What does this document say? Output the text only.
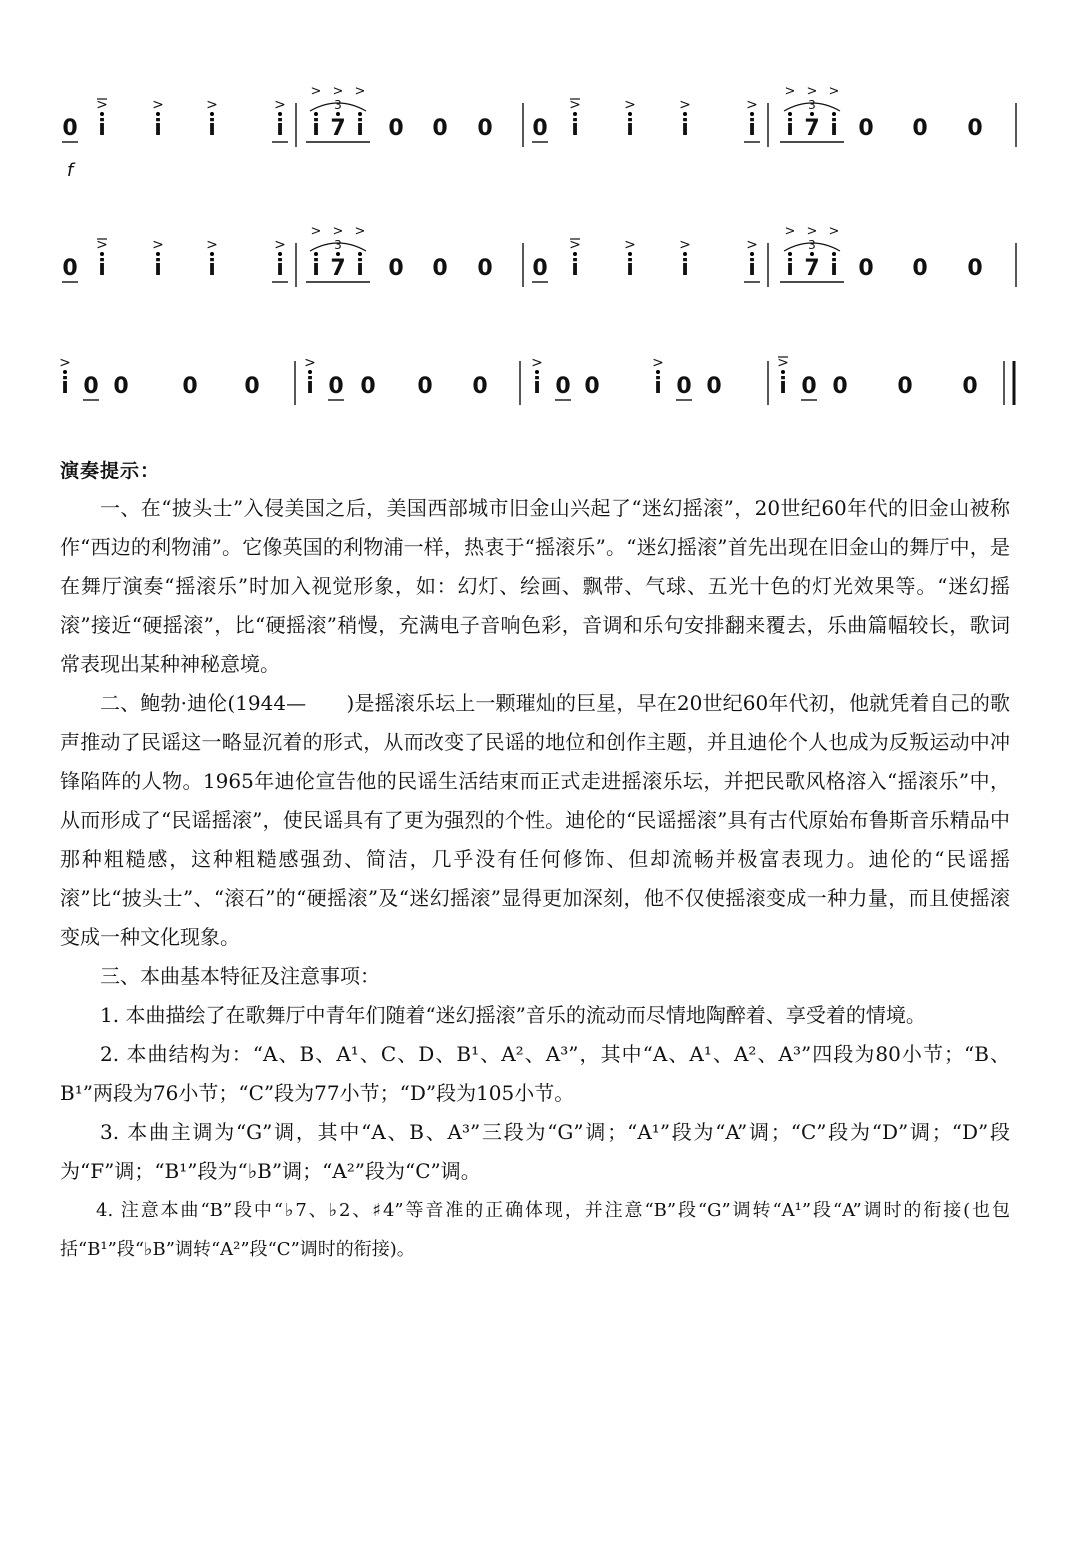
0 i
>
i
>
i
>
i
>
i
>
7
>
i
>
3
0 0 0 0 i
>
i
>
i
>
i
>
i
>
7
>
i
>
3
0 0 0
f
0 i
>
i
>
i
>
i
>
i
>
7
>
i
>
3
0 0 0 0 i
>
i
>
i
>
i
>
i
>
7
>
i
>
3
0 0 0
i
>
0 0 0 0 i
>
0 0 0 0 i
>
0 0 i
>
0 0	i
>
0 0 0 0
演奏提示：

一、在“披头士”入侵美国之后，美国西部城市旧金山兴起了“迷幻摇滚”，20世纪60年代的旧金山被称作“西边的利物浦”。它像英国的利物浦一样，热衷于“摇滚乐”。“迷幻摇滚”首先出现在旧金山的舞厅中，是在舞厅演奏“摇滚乐”时加入视觉形象，如：幻灯、绘画、飘带、气球、五光十色的灯光效果等。“迷幻摇滚”接近“硬摇滚”，比“硬摇滚”稍慢，充满电子音响色彩，音调和乐句安排翻来覆去，乐曲篇幅较长，歌词常表现出某种神秘意境。

二、鲍勃·迪伦(1944—　　)是摇滚乐坛上一颗璀灿的巨星，早在20世纪60年代初，他就凭着自己的歌声推动了民谣这一略显沉着的形式，从而改变了民谣的地位和创作主题，并且迪伦个人也成为反叛运动中冲锋陷阵的人物。1965年迪伦宣告他的民谣生活结束而正式走进摇滚乐坛，并把民歌风格溶入“摇滚乐”中，从而形成了“民谣摇滚”，使民谣具有了更为强烈的个性。迪伦的“民谣摇滚”具有古代原始布鲁斯音乐精品中那种粗糙感，这种粗糙感强劲、简洁，几乎没有任何修饰、但却流畅并极富表现力。迪伦的“民谣摇滚”比“披头士”、“滚石”的“硬摇滚”及“迷幻摇滚”显得更加深刻，他不仅使摇滚变成一种力量，而且使摇滚变成一种文化现象。

三、本曲基本特征及注意事项：

1. 本曲描绘了在歌舞厅中青年们随着“迷幻摇滚”音乐的流动而尽情地陶醉着、享受着的情境。

2. 本曲结构为：“A、B、A¹、C、D、B¹、A²、A³”，其中“A、A¹、A²、A³”四段为80小节；“B、B¹”两段为76小节；“C”段为77小节；“D”段为105小节。

3. 本曲主调为“G”调，其中“A、B、A³”三段为“G”调；“A¹”段为“A”调；“C”段为“D”调；“D”段为“F”调；“B¹”段为“♭B”调；“A²”段为“C”调。

4. 注意本曲“B”段中“♭7、♭2、♯4”等音准的正确体现，并注意“B”段“G”调转“A¹”段“A”调时的衔接(也包括“B¹”段“♭B”调转“A²”段“C”调时的衔接)。
